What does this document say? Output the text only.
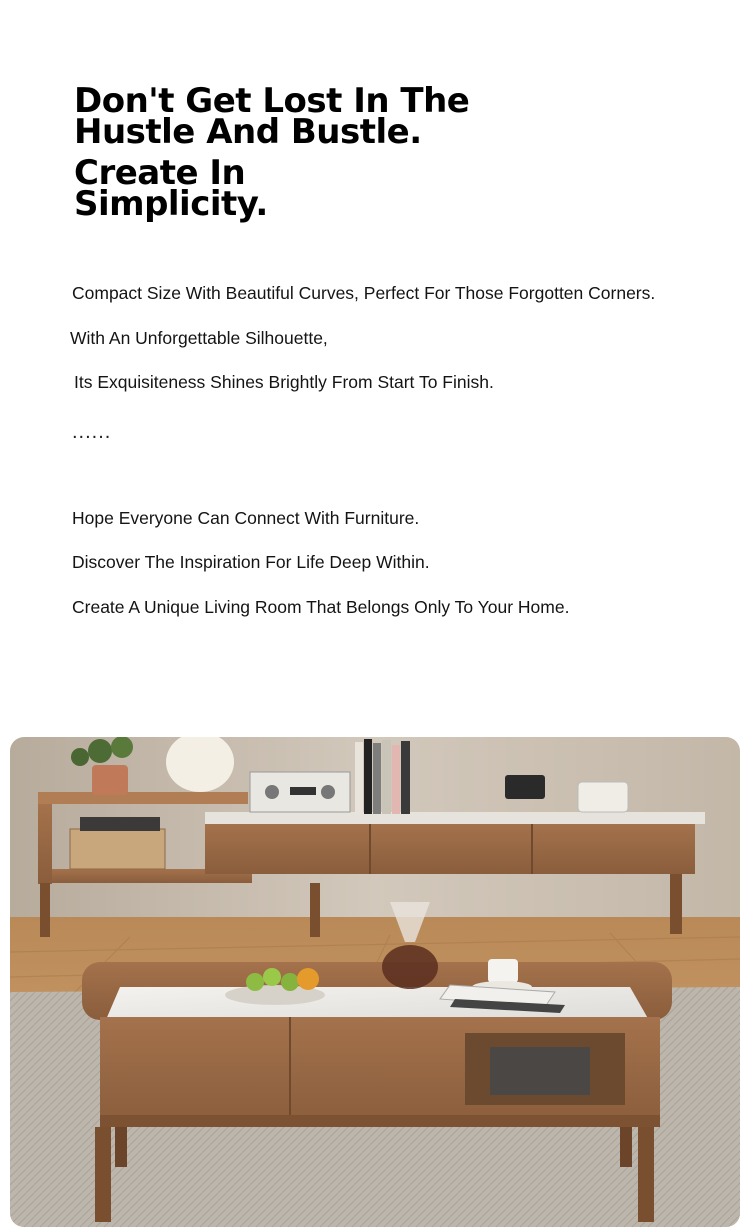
Don't Get Lost In The
Hustle And Bustle.
Create In
Simplicity.
Compact Size With Beautiful Curves, Perfect For Those Forgotten Corners.
With An Unforgettable Silhouette,
Its Exquisiteness Shines Brightly From Start To Finish.
......
Hope Everyone Can Connect With Furniture.
Discover The Inspiration For Life Deep Within.
Create A Unique Living Room That Belongs Only To Your Home.
